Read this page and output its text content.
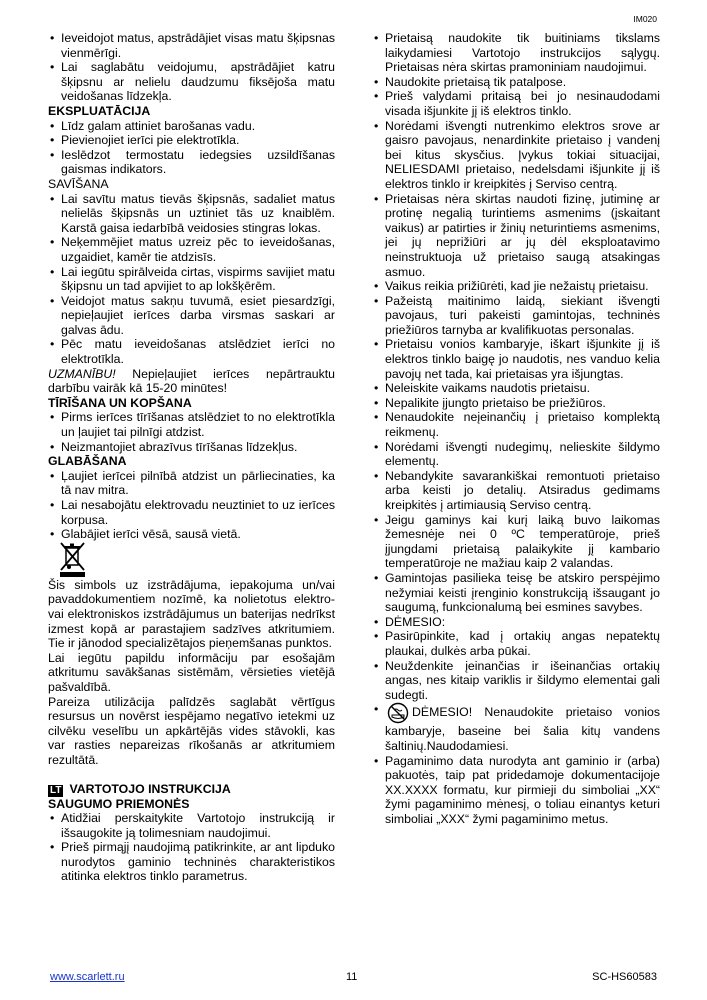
IM020
• Ieveidojot matus, apstrādājiet visas matu šķipsnas vienmērīgi.
• Lai saglabātu veidojumu, apstrādājiet katru šķipsnu ar nelielu daudzumu fiksējoša matu veidošanas līdzekļa.

EKSPLUATĀCIJA

• Līdz galam attiniet barošanas vadu.
• Pievienojiet ierīci pie elektrotīkla.
• Ieslēdzot termostatu iedegsies uzsildīšanas gaismas indikators.

SAVĪŠANA

• Lai savītu matus tievās šķipsnās, sadaliet matus nelielās šķipsnās un uztiniet tās uz knaiblēm. Karstā gaisa iedarbībā veidosies stingras lokas.
• Neķemmējiet matus uzreiz pēc to ieveidošanas, uzgaidiet, kamēr tie atdzisīs.
• Lai iegūtu spirālveida cirtas, vispirms savijiet matu šķipsnu un tad apvijiet to ap lokšķērēm.
• Veidojot matus sakņu tuvumā, esiet piesardzīgi, nepieļaujiet ierīces darba virsmas saskari ar galvas ādu.
• Pēc matu ieveidošanas atslēdziet ierīci no elektrotīkla.

UZMANĪBU! Nepieļaujiet ierīces nepārtrauktu darbību vairāk kā 15-20 minūtes!

TĪRĪŠANA UN KOPŠANA

• Pirms ierīces tīrīšanas atslēdziet to no elektrotīkla un ļaujiet tai pilnīgi atdzist.
• Neizmantojiet abrazīvus tīrīšanas līdzekļus.

GLABĀŠANA

• Ļaujiet ierīcei pilnībā atdzist un pārliecinaties, ka tā nav mitra.
• Lai nesabojātu elektrovadu neuztiniet to uz ierīces korpusa.
• Glabājiet ierīci vēsā, sausā vietā.

Šis simbols uz izstrādājuma, iepakojuma un/vai pavaddokumentiem nozīmē, ka nolietotus elektro- vai elektroniskos izstrādājumus un baterijas nedrīkst izmest kopā ar parastajiem sadzīves atkritumiem. Tie ir jānodod specializētajos pieņemšanas punktos.

Lai iegūtu papildu informāciju par esošajām atkritumu savākšanas sistēmām, vērsieties vietējā pašvaldībā.

Pareiza utilizācija palīdzēs saglabāt vērtīgus resursus un novērst iespējamo negatīvo ietekmi uz cilvēku veselību un apkārtējās vides stāvokli, kas var rasties nepareizas rīkošanās ar atkritumiem rezultātā.

LT VARTOTOJO INSTRUKCIJA

SAUGUMO PRIEMONĖS

• Atidžiai perskaitykite Vartotojo instrukciją ir išsaugokite ją tolimesniam naudojimui.
• Prieš pirmąjį naudojimą patikrinkite, ar ant lipduko nurodytos gaminio techninės charakteristikos atitinka elektros tinklo parametrus.
• Prietaisą naudokite tik buitiniams tikslams laikydamiesi Vartotojo instrukcijos sąlygų. Prietaisas nėra skirtas pramoniniam naudojimui.
• Naudokite prietaisą tik patalpose.
• Prieš valydami pritaisą bei jo nesinaudodami visada išjunkite jį iš elektros tinklo.
• Norėdami išvengti nutrenkimo elektros srove ar gaisro pavojaus, nenardinkite prietaiso į vandenį bei kitus skysčius. Įvykus tokiai situacijai, NELIESDAMI prietaiso, nedelsdami išjunkite jį iš elektros tinklo ir kreipkitės į Serviso centrą.
• Prietaisas nėra skirtas naudoti fizinę, jutiminę ar protinę negalią turintiems asmenims (įskaitant vaikus) ar patirties ir žinių neturintiems asmenims, jei jų neprižiūri ar jų dėl eksploatavimo neinstruktuoja už prietaiso saugą atsakingas asmuo.
• Vaikus reikia prižiūrėti, kad jie nežaistų prietaisu.
• Pažeistą maitinimo laidą, siekiant išvengti pavojaus, turi pakeisti gamintojas, techninės priežiūros tarnyba ar kvalifikuotas personalas.
• Prietaisu vonios kambaryje, iškart išjunkite jį iš elektros tinklo baigę jo naudotis, nes vanduo kelia pavojų net tada, kai prietaisas yra išjungtas.
• Neleiskite vaikams naudotis prietaisu.
• Nepalikite įjungto prietaiso be priežiūros.
• Nenaudokite neįeinančių į prietaiso komplektą reikmenų.
• Norėdami išvengti nudegimų, nelieskite šildymo elementų.
• Nebandykite savarankiškai remontuoti prietaiso arba keisti jo detalių. Atsiradus gedimams kreipkitės į artimiausią Serviso centrą.
• Jeigu gaminys kai kurį laiką buvo laikomas žemesnėje nei 0 ºC temperatūroje, prieš įjungdami prietaisą palaikykite jį kambario temperatūroje ne mažiau kaip 2 valandas.
• Gamintojas pasilieka teisę be atskiro perspėjimo nežymiai keisti įrenginio konstrukciją išsaugant jo saugumą, funkcionalumą bei esmines savybes.
• DĖMESIO:
• Pasirūpinkite, kad į ortakių angas nepatektų plaukai, dulkės arba pūkai.
• Neuždenkite įeinančias ir išeinančias ortakių angas, nes kitaip variklis ir šildymo elementai gali sudegti.
• DĖMESIO! Nenaudokite prietaiso vonios kambaryje, baseine bei šalia kitų vandens šaltinių.Naudodamiesi.
• Pagaminimo data nurodyta ant gaminio ir (arba) pakuotės, taip pat pridedamoje dokumentacijoje XX.XXXX formatu, kur pirmieji du simboliai „XX“ žymi pagaminimo mėnesį, o toliau einantys keturi simboliai „XXX“ žymi pagaminimo metus.
www.scarlett.ru	11	SC-HS60583
